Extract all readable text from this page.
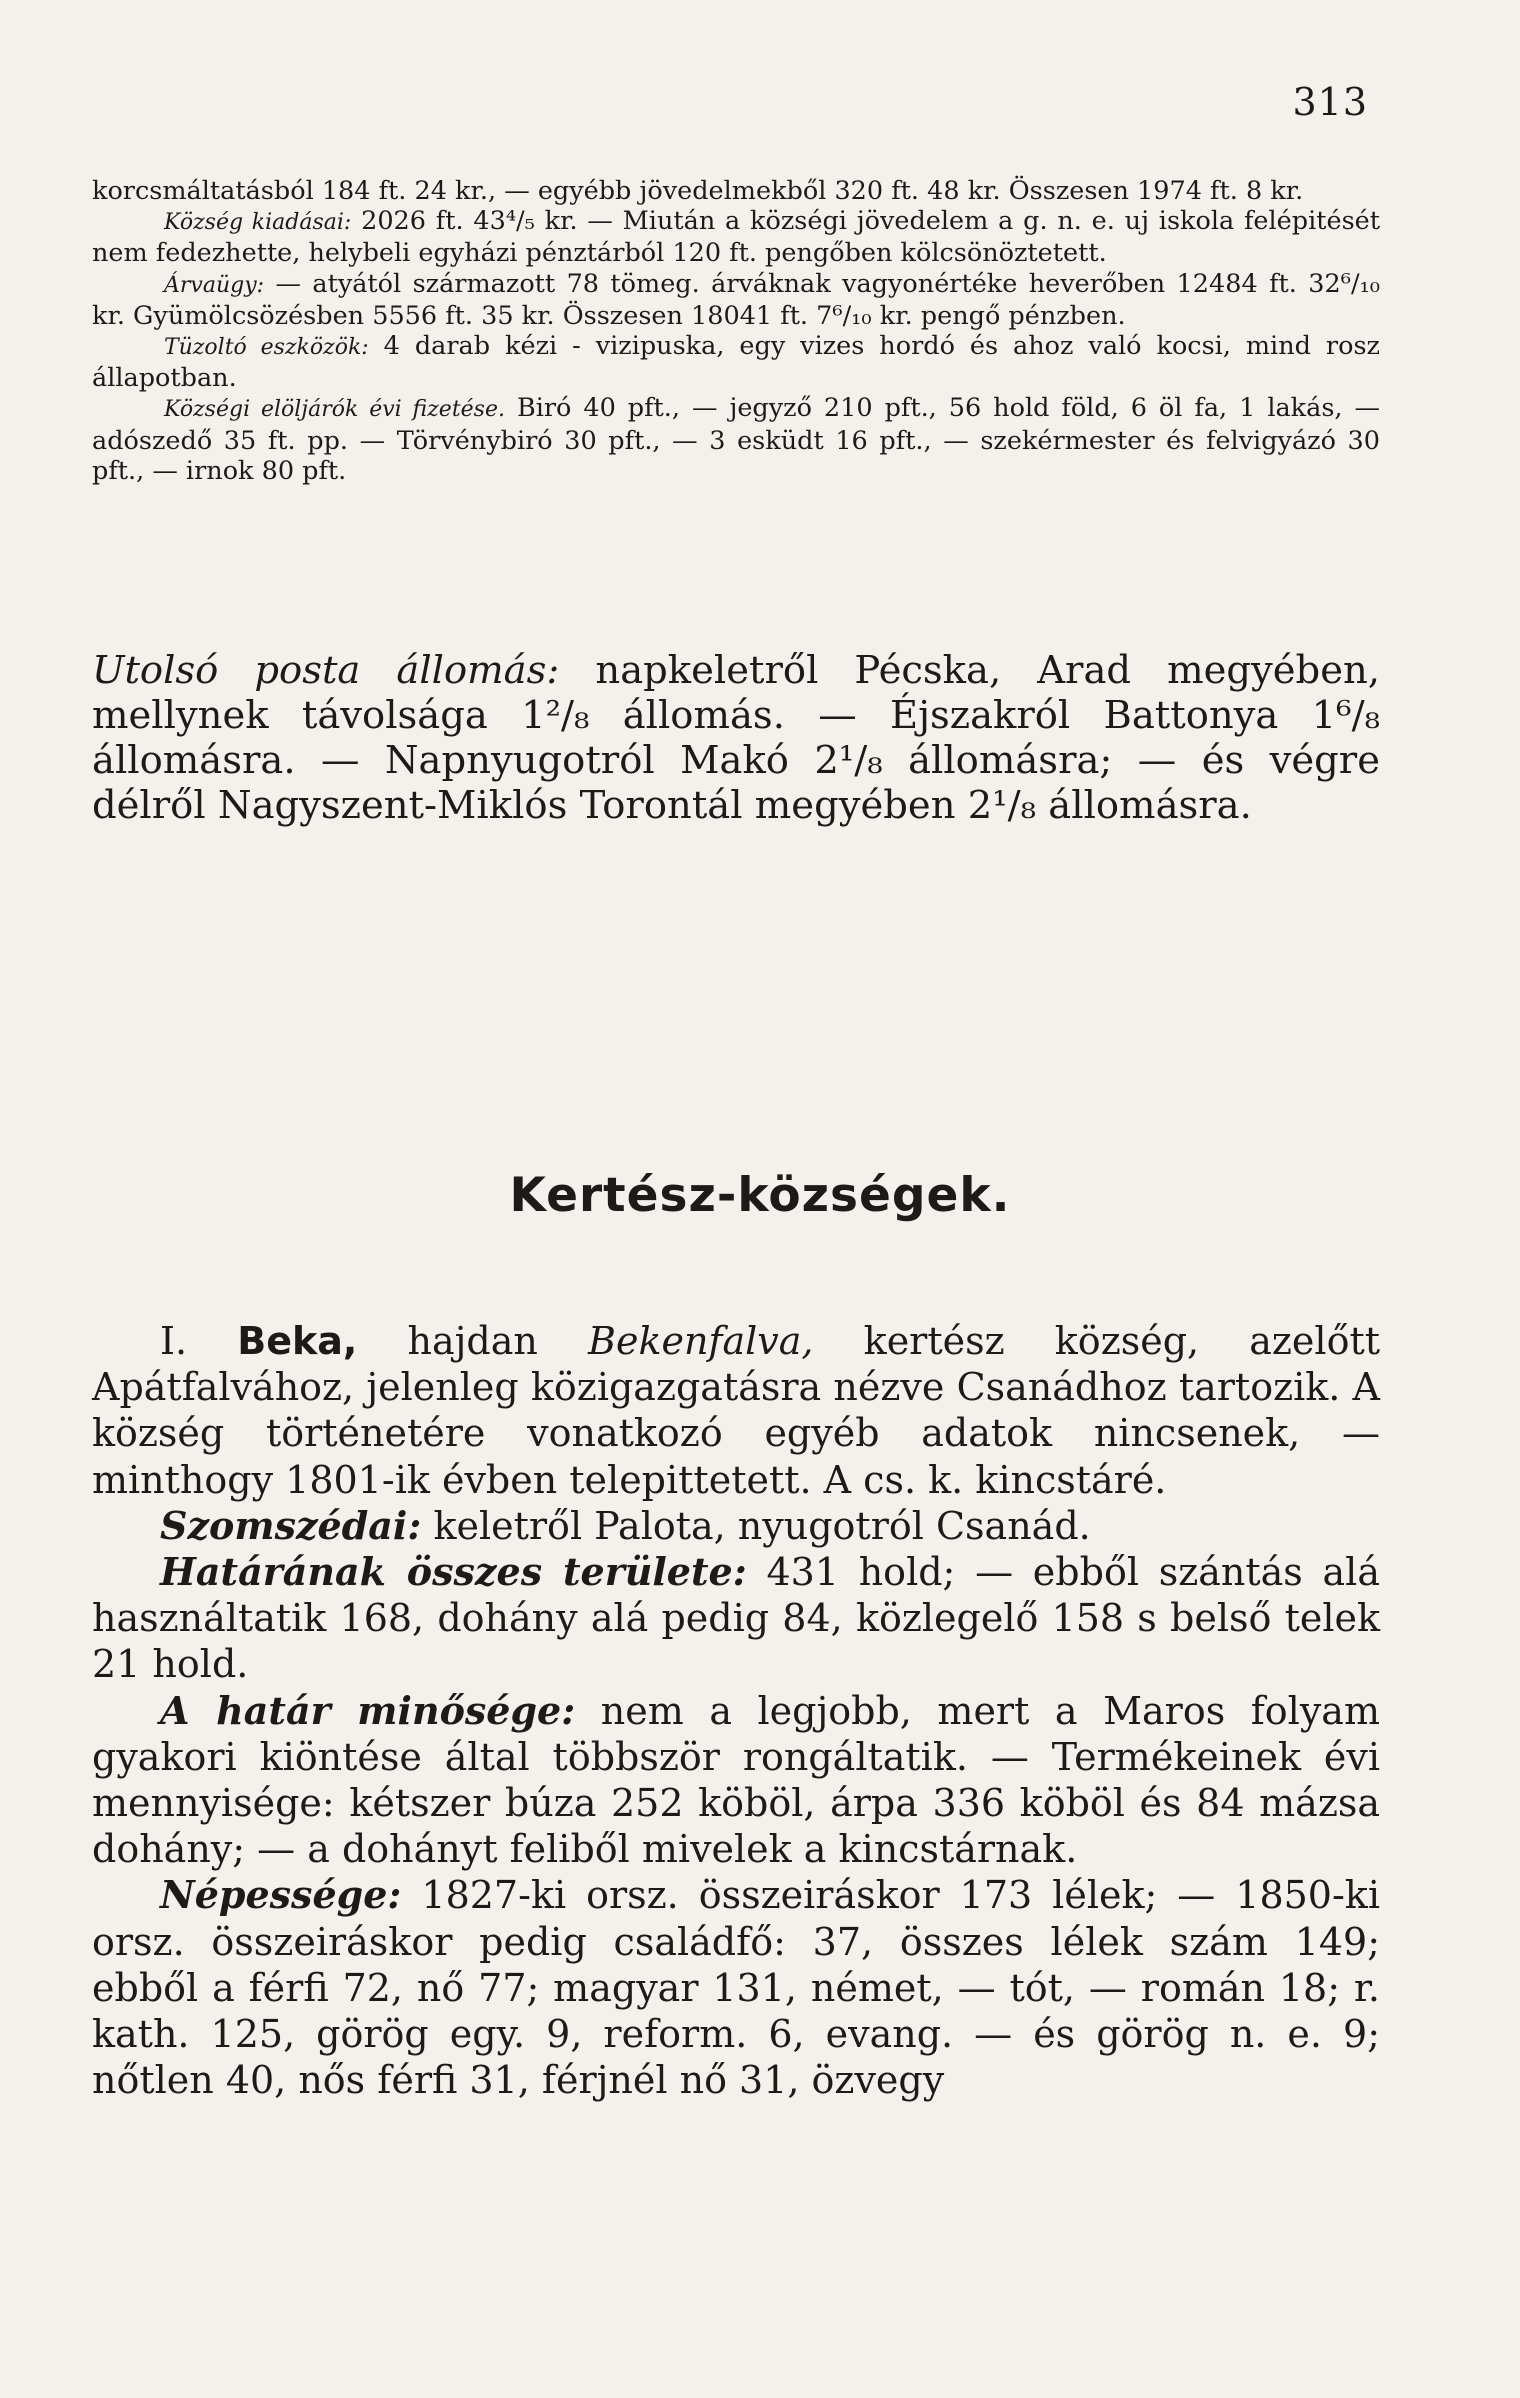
313

korcsmáltatásból 184 ft. 24 kr., — egyébb jövedelmekből 320 ft. 48 kr. Összesen 1974 ft. 8 kr.

Község kiadásai: 2026 ft. 43⁴/₅ kr. — Miután a községi jövedelem a g. n. e. uj iskola felépitését nem fedezhette, helybeli egyházi pénztárból 120 ft. pengőben kölcsönöztetett.

Árvaügy: — atyától származott 78 tömeg. árváknak vagyonértéke heverőben 12484 ft. 32⁶/₁₀ kr. Gyümölcsözésben 5556 ft. 35 kr. Összesen 18041 ft. 7⁶/₁₀ kr. pengő pénzben.

Tüzoltó eszközök: 4 darab kézi - vizipuska, egy vizes hordó és ahoz való kocsi, mind rosz állapotban.

Községi elöljárók évi fizetése. Biró 40 pft., — jegyző 210 pft., 56 hold föld, 6 öl fa, 1 lakás, — adószedő 35 ft. pp. — Törvénybiró 30 pft., — 3 esküdt 16 pft., — szekérmester és felvigyázó 30 pft., — irnok 80 pft.

Utolsó posta állomás: napkeletről Pécska, Arad megyében, mellynek távolsága 1²/₈ állomás. — Éjszakról Battonya 1⁶/₈ állomásra. — Napnyugotról Makó 2¹/₈ állomásra; — és végre délről Nagyszent-Miklós Torontál megyében 2¹/₈ állomásra.

Kertész-községek.

I. Beka, hajdan Bekenfalva, kertész község, azelőtt Apátfalvához, jelenleg közigazgatásra nézve Csanádhoz tartozik. A község történetére vonatkozó egyéb adatok nincsenek, — minthogy 1801-ik évben telepittetett. A cs. k. kincstáré.

Szomszédai: keletről Palota, nyugotról Csanád.

Határának összes területe: 431 hold; — ebből szántás alá használtatik 168, dohány alá pedig 84, közlegelő 158 s belső telek 21 hold.

A határ minősége: nem a legjobb, mert a Maros folyam gyakori kiöntése által többször rongáltatik. — Termékeinek évi mennyisége: kétszer búza 252 köböl, árpa 336 köböl és 84 mázsa dohány; — a dohányt feliből mivelek a kincstárnak.

Népessége: 1827-ki orsz. összeiráskor 173 lélek; — 1850-ki orsz. összeiráskor pedig családfő: 37, összes lélek szám 149; ebből a férfi 72, nő 77; magyar 131, német, — tót, — román 18; r. kath. 125, görög egy. 9, reform. 6, evang. — és görög n. e. 9; nőtlen 40, nős férfi 31, férjnél nő 31, özvegy
